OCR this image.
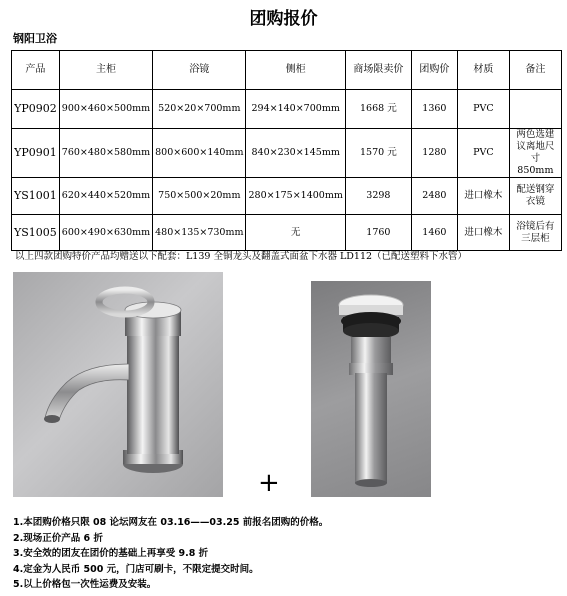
团购报价
钢阳卫浴
产品	主柜	浴镜	侧柜	商场限卖价	团购价	材质	备注
YP0902	900×460×500mm	520×20×700mm	294×140×700mm	1668 元	1360	PVC	
YP0901	760×480×580mm	800×600×140mm	840×230×145mm	1570 元	1280	PVC	两色选建议离地尺寸 850mm
YS1001	620×440×520mm	750×500×20mm	280×175×1400mm	3298	2480	进口橡木	配送钢穿衣镜
YS1005	600×490×630mm	480×135×730mm	无	1760	1460	进口橡木	浴镜后有三层柜
以上四款团购特价产品均赠送以下配套：L139 全铜龙头及翻盖式面盆下水器 LD112（已配送塑料下水管）
+
1.本团购价格只限 08 论坛网友在 03.16——03.25 前报名团购的价格。
2.现场正价产品 6 折
3.安全效的团友在团价的基础上再享受 9.8 折
4.定金为人民币 500 元，门店可刷卡，不限定提交时间。
5.以上价格包一次性运费及安装。
